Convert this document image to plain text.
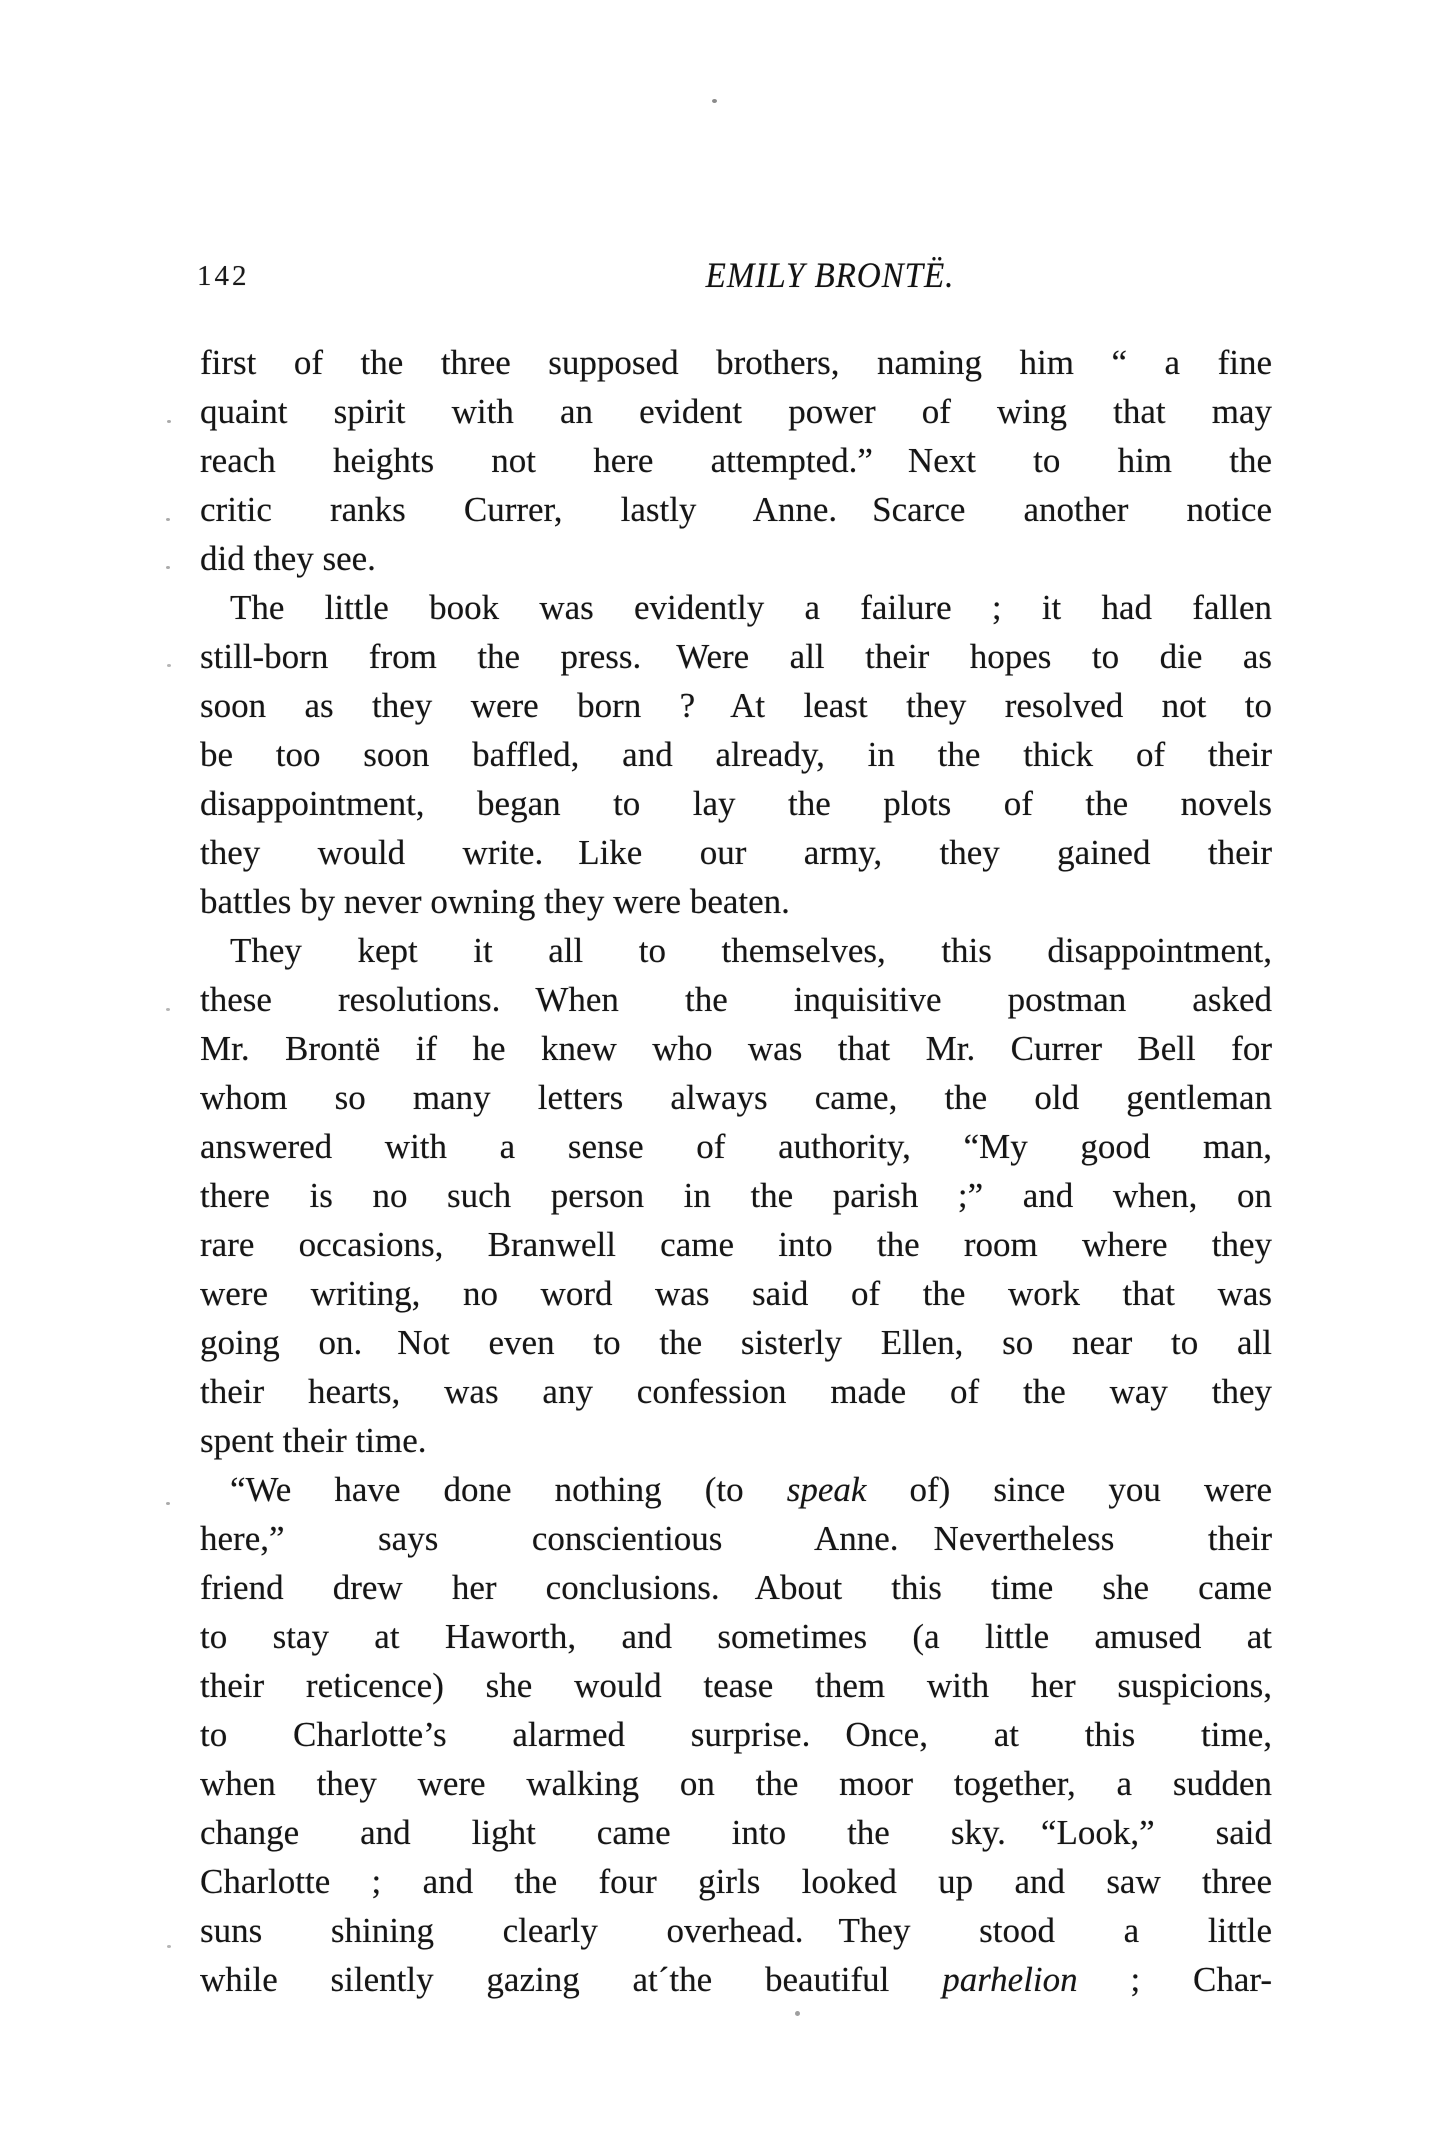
142	EMILY BRONTË.
first of the three supposed brothers, naming him “ a fine
quaint spirit with an evident power of wing that may
reach heights not here attempted.” Next to him the
critic ranks Currer, lastly Anne. Scarce another notice
did they see.
The little book was evidently a failure ; it had fallen
still-born from the press. Were all their hopes to die as
soon as they were born ? At least they resolved not to
be too soon baffled, and already, in the thick of their
disappointment, began to lay the plots of the novels
they would write. Like our army, they gained their
battles by never owning they were beaten.
They kept it all to themselves, this disappointment,
these resolutions. When the inquisitive postman asked
Mr. Brontë if he knew who was that Mr. Currer Bell for
whom so many letters always came, the old gentleman
answered with a sense of authority, “My good man,
there is no such person in the parish ;” and when, on
rare occasions, Branwell came into the room where they
were writing, no word was said of the work that was
going on. Not even to the sisterly Ellen, so near to all
their hearts, was any confession made of the way they
spent their time.
“We have done nothing (to speak of) since you were
here,” says conscientious Anne. Nevertheless their
friend drew her conclusions. About this time she came
to stay at Haworth, and sometimes (a little amused at
their reticence) she would tease them with her suspicions,
to Charlotte’s alarmed surprise. Once, at this time,
when they were walking on the moor together, a sudden
change and light came into the sky. “Look,” said
Charlotte ; and the four girls looked up and saw three
suns shining clearly overhead. They stood a little
while silently gazing at´the beautiful parhelion ; Char-
